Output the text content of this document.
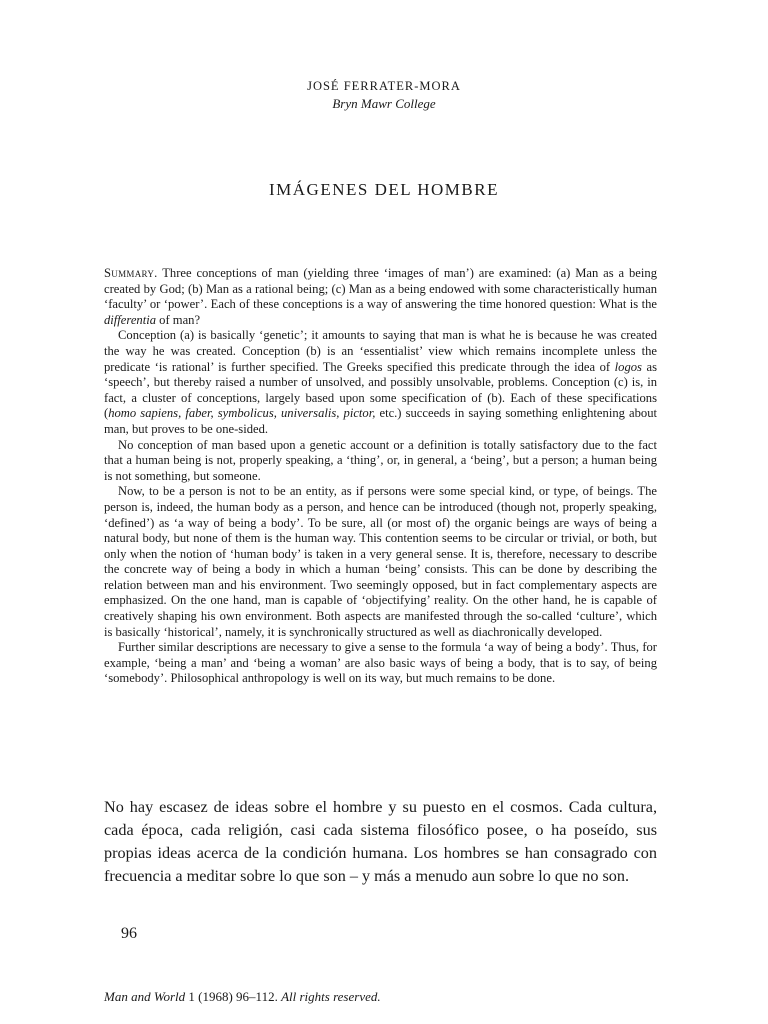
JOSÉ FERRATER-MORA
Bryn Mawr College
IMÁGENES DEL HOMBRE

Summary. Three conceptions of man (yielding three ‘images of man’) are examined: (a) Man as a being created by God; (b) Man as a rational being; (c) Man as a being endowed with some characteristically human ‘faculty’ or ‘power’. Each of these conceptions is a way of answering the time honored question: What is the differentia of man?

Conception (a) is basically ‘genetic’; it amounts to saying that man is what he is because he was created the way he was created. Conception (b) is an ‘essentialist’ view which remains incomplete unless the predicate ‘is rational’ is further specified. The Greeks specified this predicate through the idea of logos as ‘speech’, but thereby raised a number of unsolved, and possibly unsolvable, problems. Conception (c) is, in fact, a cluster of conceptions, largely based upon some specification of (b). Each of these specifications (homo sapiens, faber, symbolicus, universalis, pictor, etc.) succeeds in saying something enlightening about man, but proves to be one-sided.

No conception of man based upon a genetic account or a definition is totally satisfactory due to the fact that a human being is not, properly speaking, a ‘thing’, or, in general, a ‘being’, but a person; a human being is not something, but someone.

Now, to be a person is not to be an entity, as if persons were some special kind, or type, of beings. The person is, indeed, the human body as a person, and hence can be introduced (though not, properly speaking, ‘defined’) as ‘a way of being a body’. To be sure, all (or most of) the organic beings are ways of being a natural body, but none of them is the human way. This contention seems to be circular or trivial, or both, but only when the notion of ‘human body’ is taken in a very general sense. It is, therefore, necessary to describe the concrete way of being a body in which a human ‘being’ consists. This can be done by describing the relation between man and his environment. Two seemingly opposed, but in fact complementary aspects are emphasized. On the one hand, man is capable of ‘objectifying’ reality. On the other hand, he is capable of creatively shaping his own environment. Both aspects are manifested through the so-called ‘culture’, which is basically ‘historical’, namely, it is synchronically structured as well as diachronically developed.

Further similar descriptions are necessary to give a sense to the formula ‘a way of being a body’. Thus, for example, ‘being a man’ and ‘being a woman’ are also basic ways of being a body, that is to say, of being ‘somebody’. Philosophical anthropology is well on its way, but much remains to be done.

No hay escasez de ideas sobre el hombre y su puesto en el cosmos. Cada cultura, cada época, cada religión, casi cada sistema filosófico posee, o ha poseído, sus propias ideas acerca de la condición humana. Los hombres se han consagrado con frecuencia a meditar sobre lo que son – y más a menudo aun sobre lo que no son.

96
Man and World 1 (1968) 96–112. All rights reserved.
